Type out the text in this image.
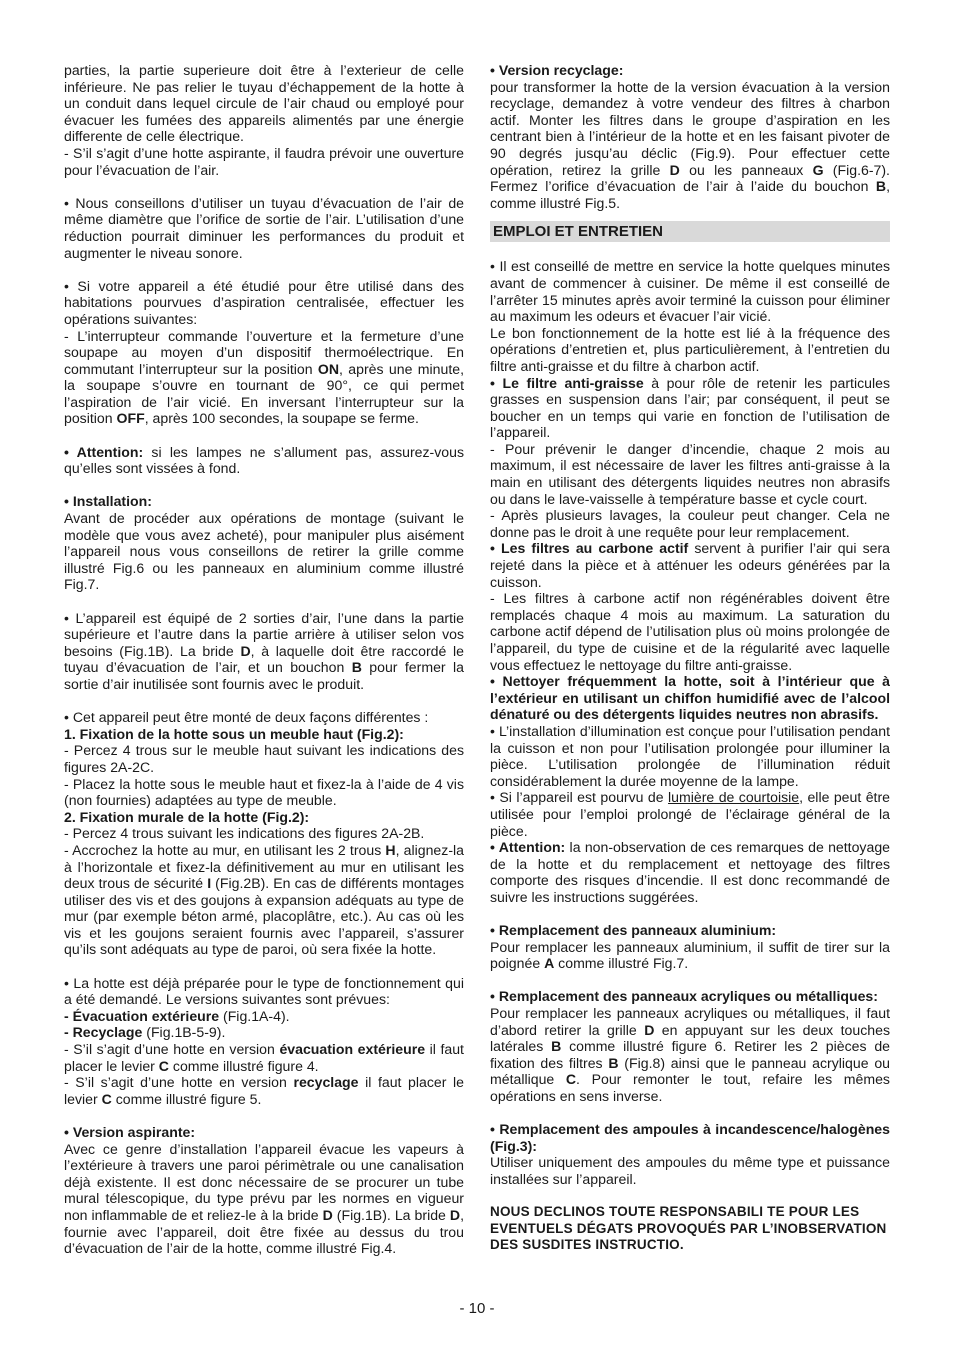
parties, la partie superieure doit être à l’exterieur de celle inférieure. Ne pas relier le tuyau d’échappement de la hotte à un conduit dans lequel circule de l’air chaud ou employé pour évacuer les fumées des appareils alimentés par une énergie differente de celle électrique.

- S’il s’agit d’une hotte aspirante, il faudra prévoir une ouverture pour l’évacuation de l’air.

• Nous conseillons d’utiliser un tuyau d’évacuation de l’air de même diamètre que l’orifice de sortie de l’air. L’utilisation d’une réduction pourrait diminuer les performances du produit et augmenter le niveau sonore.

• Si votre appareil a été étudié pour être utilisé dans des habitations pourvues d’aspiration centralisée, effectuer les opérations suivantes:

- L’interrupteur commande l’ouverture et la fermeture d’une soupape au moyen d’un dispositif thermoélectrique. En commutant l’interrupteur sur la position ON, après une minute, la soupape s’ouvre en tournant de 90°, ce qui permet l’aspiration de l’air vicié. En inversant l’interrupteur sur la position OFF, après 100 secondes, la soupape se ferme.

• Attention: si les lampes ne s’allument pas, assurez-vous qu’elles sont vissées à fond.

• Installation:

Avant de procéder aux opérations de montage (suivant le modèle que vous avez acheté), pour manipuler plus aisément l’appareil nous vous conseillons de retirer la grille comme illustré Fig.6 ou les panneaux en aluminium comme illustré Fig.7.

• L’appareil est équipé de 2 sorties d’air, l’une dans la partie supérieure et l’autre dans la partie arrière à utiliser selon vos besoins (Fig.1B). La bride D, à laquelle doit être raccordé le tuyau d’évacuation de l’air, et un bouchon B pour fermer la sortie d’air inutilisée sont fournis avec le produit.

• Cet appareil peut être monté de deux façons différentes :

1. Fixation de la hotte sous un meuble haut (Fig.2):

- Percez 4 trous sur le meuble haut suivant les indications des figures 2A-2C.

- Placez la hotte sous le meuble haut et fixez-la à l’aide de 4 vis (non fournies) adaptées au type de meuble.

2. Fixation murale de la hotte (Fig.2):

- Percez 4 trous suivant les indications des figures 2A-2B.

- Accrochez la hotte au mur, en utilisant les 2 trous H, alignez-la à l’horizontale et fixez-la définitivement au mur en utilisant les deux trous de sécurité I (Fig.2B). En cas de différents montages utiliser des vis et des goujons à expansion adéquats au type de mur (par exemple béton armé, placoplâtre, etc.). Au cas où les vis et les goujons seraient fournis avec l’appareil, s’assurer qu’ils sont adéquats au type de paroi, où sera fixée la hotte.

• La hotte est déjà préparée pour le type de fonctionnement qui a été demandé. Le versions suivantes sont prévues:

- Évacuation extérieure (Fig.1A-4).

- Recyclage (Fig.1B-5-9).

- S’il s’agit d’une hotte en version évacuation extérieure il faut placer le levier C comme illustré figure 4.

- S’il s’agit d’une hotte en version recyclage il faut placer le levier C comme illustré figure 5.

• Version aspirante:

Avec ce genre d’installation l’appareil évacue les vapeurs à l’extérieure à travers une paroi périmètrale ou une canalisation déjà existente. Il est donc nécessaire de se procurer un tube mural télescopique, du type prévu par les normes en vigueur non inflammable de et reliez-le à la bride D (Fig.1B). La bride D, fournie avec l’appareil, doit être fixée au dessus du trou d’évacuation de l’air de la hotte, comme illustré Fig.4.

• Version recyclage:

pour transformer la hotte de la version évacuation à la version recyclage, demandez à votre vendeur des filtres à charbon actif. Monter les filtres dans le groupe d’aspiration en les centrant bien à l’intérieur de la hotte et en les faisant pivoter de 90 degrés jusqu’au déclic (Fig.9). Pour effectuer cette opération, retirez la grille D ou les panneaux G (Fig.6-7). Fermez l’orifice d’évacuation de l’air à l’aide du bouchon B, comme illustré Fig.5.

EMPLOI ET ENTRETIEN

• Il est conseillé de mettre en service la hotte quelques minutes avant de commencer à cuisiner. De même il est conseillé de l’arrêter 15 minutes après avoir terminé la cuisson pour éliminer au maximum les odeurs et évacuer l’air vicié.

Le bon fonctionnement de la hotte est lié à la fréquence des opérations d’entretien et, plus particulièrement, à l’entretien du filtre anti-graisse et du filtre à charbon actif.

• Le filtre anti-graisse à pour rôle de retenir les particules grasses en suspension dans l’air; par conséquent, il peut se boucher en un temps qui varie en fonction de l’utilisation de l’appareil.

- Pour prévenir le danger d’incendie, chaque 2 mois au maximum, il est nécessaire de laver les filtres anti-graisse à la main en utilisant des détergents liquides neutres non abrasifs ou dans le lave-vaisselle à température basse et cycle court.

- Après plusieurs lavages, la couleur peut changer. Cela ne donne pas le droit à une requête pour leur remplacement.

• Les filtres au carbone actif servent à purifier l’air qui sera rejeté dans la pièce et à atténuer les odeurs générées par la cuisson.

- Les filtres à carbone actif non régénérables doivent être remplacés chaque 4 mois au maximum. La saturation du carbone actif dépend de l’utilisation plus où moins prolongée de l’appareil, du type de cuisine et de la régularité avec laquelle vous effectuez le nettoyage du filtre anti-graisse.

• Nettoyer fréquemment la hotte, soit à l’intérieur que à l’extérieur en utilisant un chiffon humidifié avec de l’alcool dénaturé ou des détergents liquides neutres non abrasifs.

• L’installation d’illumination est conçue pour l’utilisation pendant la cuisson et non pour l’utilisation prolongée pour illuminer la pièce. L’utilisation prolongée de l’illumination réduit considérablement la durée moyenne de la lampe.

• Si l’appareil est pourvu de lumière de courtoisie, elle peut être utilisée pour l’emploi prolongé de l’éclairage général de la pièce.

• Attention: la non-observation de ces remarques de nettoyage de la hotte et du remplacement et nettoyage des filtres comporte des risques d’incendie. Il est donc recommandé de suivre les instructions suggérées.

• Remplacement des panneaux aluminium:

Pour remplacer les panneaux aluminium, il suffit de tirer sur la poignée A comme illustré Fig.7.

• Remplacement des panneaux acryliques ou métalliques:

Pour remplacer les panneaux acryliques ou métalliques, il faut d’abord retirer la grille D en appuyant sur les deux touches latérales B comme illustré figure 6. Retirer les 2 pièces de fixation des filtres B (Fig.8) ainsi que le panneau acrylique ou métallique C. Pour remonter le tout, refaire les mêmes opérations en sens inverse.

• Remplacement des ampoules à incandescence/halogènes (Fig.3):

Utiliser uniquement des ampoules du même type et puissance installées sur l’appareil.

NOUS DECLINOS TOUTE RESPONSABILI TE POUR LES EVENTUELS DÉGATS PROVOQUÉS PAR L’INOBSERVATION DES SUSDITES INSTRUCTIO.

- 10 -
